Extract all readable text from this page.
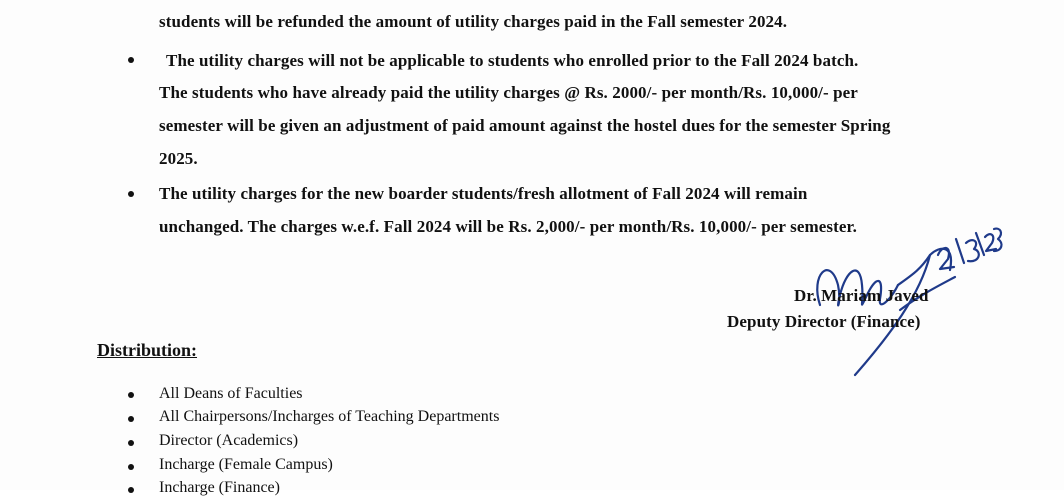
students will be refunded the amount of utility charges paid in the Fall semester 2024.
The utility charges will not be applicable to students who enrolled prior to the Fall 2024 batch.
The students who have already paid the utility charges @ Rs. 2000/- per month/Rs. 10,000/- per
semester will be given an adjustment of paid amount against the hostel dues for the semester Spring
2025.
The utility charges for the new boarder students/fresh allotment of Fall 2024 will remain
unchanged. The charges w.e.f. Fall 2024 will be Rs. 2,000/- per month/Rs. 10,000/- per semester.
Dr. Mariam Javed
Deputy Director (Finance)
Distribution:
All Deans of Faculties
All Chairpersons/Incharges of Teaching Departments
Director (Academics)
Incharge (Female Campus)
Incharge (Finance)
